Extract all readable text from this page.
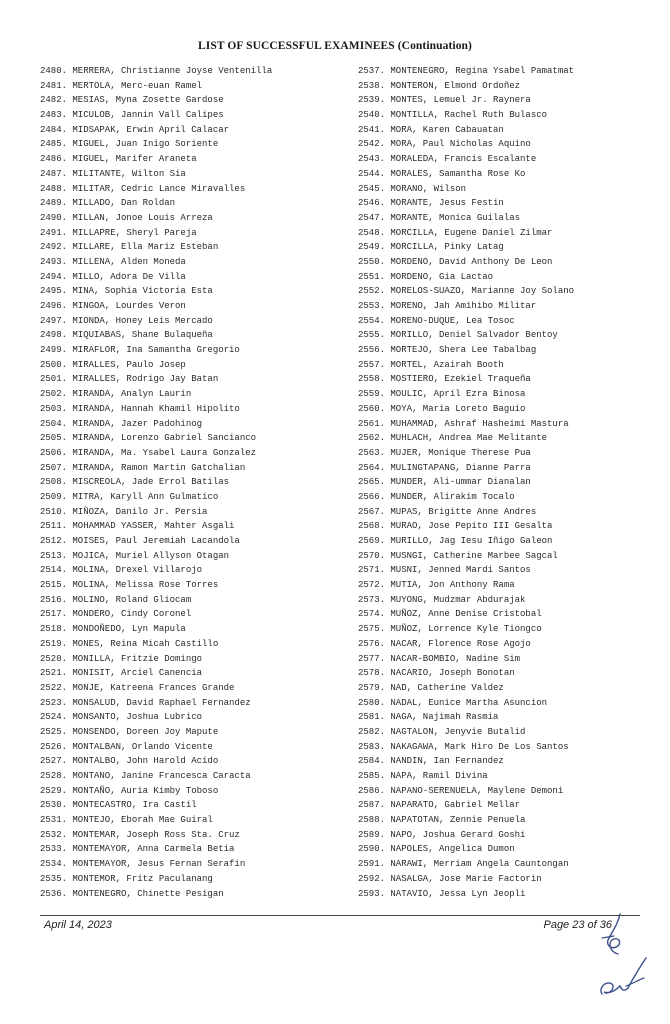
LIST OF SUCCESSFUL EXAMINEES (Continuation)
2480. MERRERA, Christianne Joyse Ventenilla
2481. MERTOLA, Merc-euan Ramel
2482. MESIAS, Myna Zosette Gardose
2483. MICULOB, Jannin Vall Calipes
2484. MIDSAPAK, Erwin April Calacar
2485. MIGUEL, Juan Inigo Soriente
2486. MIGUEL, Marifer Araneta
2487. MILITANTE, Wilton Sia
2488. MILITAR, Cedric Lance Miravalles
2489. MILLADO, Dan Roldan
2490. MILLAN, Jonoe Louis Arreza
2491. MILLAPRE, Sheryl Pareja
2492. MILLARE, Ella Mariz Esteban
2493. MILLENA, Alden Moneda
2494. MILLO, Adora De Villa
2495. MINA, Sophia Victoria Esta
2496. MINGOA, Lourdes Veron
2497. MIONDA, Honey Leis Mercado
2498. MIQUIABAS, Shane Bulaqueña
2499. MIRAFLOR, Ina Samantha Gregorio
2500. MIRALLES, Paulo Josep
2501. MIRALLES, Rodrigo Jay Batan
2502. MIRANDA, Analyn Laurin
2503. MIRANDA, Hannah Khamil Hipolito
2504. MIRANDA, Jazer Padohinog
2505. MIRANDA, Lorenzo Gabriel Sancianco
2506. MIRANDA, Ma. Ysabel Laura Gonzalez
2507. MIRANDA, Ramon Martin Gatchalian
2508. MISCREOLA, Jade Errol Batilas
2509. MITRA, Karyll Ann Gulmatico
2510. MIÑOZA, Danilo Jr. Persia
2511. MOHAMMAD YASSER, Mahter Asgali
2512. MOISES, Paul Jeremiah Lacandola
2513. MOJICA, Muriel Allyson Otagan
2514. MOLINA, Drexel Villarojo
2515. MOLINA, Melissa Rose Torres
2516. MOLINO, Roland Gliocam
2517. MONDERO, Cindy Coronel
2518. MONDOÑEDO, Lyn Mapula
2519. MONES, Reina Micah Castillo
2520. MONILLA, Fritzie Domingo
2521. MONISIT, Arciel Canencia
2522. MONJE, Katreena Frances Grande
2523. MONSALUD, David Raphael Fernandez
2524. MONSANTO, Joshua Lubrico
2525. MONSENDO, Doreen Joy Mapute
2526. MONTALBAN, Orlando Vicente
2527. MONTALBO, John Harold Acido
2528. MONTANO, Janine Francesca Caracta
2529. MONTAÑO, Auria Kimby Toboso
2530. MONTECASTRO, Ira Castil
2531. MONTEJO, Eborah Mae Guiral
2532. MONTEMAR, Joseph Ross Sta. Cruz
2533. MONTEMAYOR, Anna Carmela Betia
2534. MONTEMAYOR, Jesus Fernan Serafin
2535. MONTEMOR, Fritz Paculanang
2536. MONTENEGRO, Chinette Pesigan
2537. MONTENEGRO, Regina Ysabel Pamatmat
2538. MONTERON, Elmond Ordoñez
2539. MONTES, Lemuel Jr. Raynera
2540. MONTILLA, Rachel Ruth Bulasco
2541. MORA, Karen Cabauatan
2542. MORA, Paul Nicholas Aquino
2543. MORALEDA, Francis Escalante
2544. MORALES, Samantha Rose Ko
2545. MORANO, Wilson
2546. MORANTE, Jesus Festin
2547. MORANTE, Monica Guilalas
2548. MORCILLA, Eugene Daniel Zilmar
2549. MORCILLA, Pinky Latag
2550. MORDENO, David Anthony De Leon
2551. MORDENO, Gia Lactao
2552. MORELOS-SUAZO, Marianne Joy Solano
2553. MORENO, Jah Amihibo Militar
2554. MORENO-DUQUE, Lea Tosoc
2555. MORILLO, Deniel Salvador Bentoy
2556. MORTEJO, Shera Lee Tabalbag
2557. MORTEL, Azairah Booth
2558. MOSTIERO, Ezekiel Traqueña
2559. MOULIC, April Ezra Binosa
2560. MOYA, Maria Loreto Baguio
2561. MUHAMMAD, Ashraf Hasheimi Mastura
2562. MUHLACH, Andrea Mae Melitante
2563. MUJER, Monique Therese Pua
2564. MULINGTAPANG, Dianne Parra
2565. MUNDER, Ali-ummar Dianalan
2566. MUNDER, Alirakim Tocalo
2567. MUPAS, Brigitte Anne Andres
2568. MURAO, Jose Pepito III Gesalta
2569. MURILLO, Jag Iesu Iñigo Galeon
2570. MUSNGI, Catherine Marbee Sagcal
2571. MUSNI, Jenned Mardi Santos
2572. MUTIA, Jon Anthony Rama
2573. MUYONG, Mudzmar Abdurajak
2574. MUÑOZ, Anne Denise Cristobal
2575. MUÑOZ, Lorrence Kyle Tiongco
2576. NACAR, Florence Rose Agojo
2577. NACAR-BOMBIO, Nadine Sim
2578. NACARIO, Joseph Bonotan
2579. NAD, Catherine Valdez
2580. NADAL, Eunice Martha Asuncion
2581. NAGA, Najimah Rasmia
2582. NAGTALON, Jenyvie Butalid
2583. NAKAGAWA, Mark Hiro De Los Santos
2584. NANDIN, Ian Fernandez
2585. NAPA, Ramil Divina
2586. NAPANO-SERENUELA, Maylene Demoni
2587. NAPARATO, Gabriel Mellar
2588. NAPATOTAN, Zennie Penuela
2589. NAPO, Joshua Gerard Goshi
2590. NAPOLES, Angelica Dumon
2591. NARAWI, Merriam Angela Cauntongan
2592. NASALGA, Jose Marie Factorin
2593. NATAVIO, Jessa Lyn Jeopli
April 14, 2023	Page 23 of 36
